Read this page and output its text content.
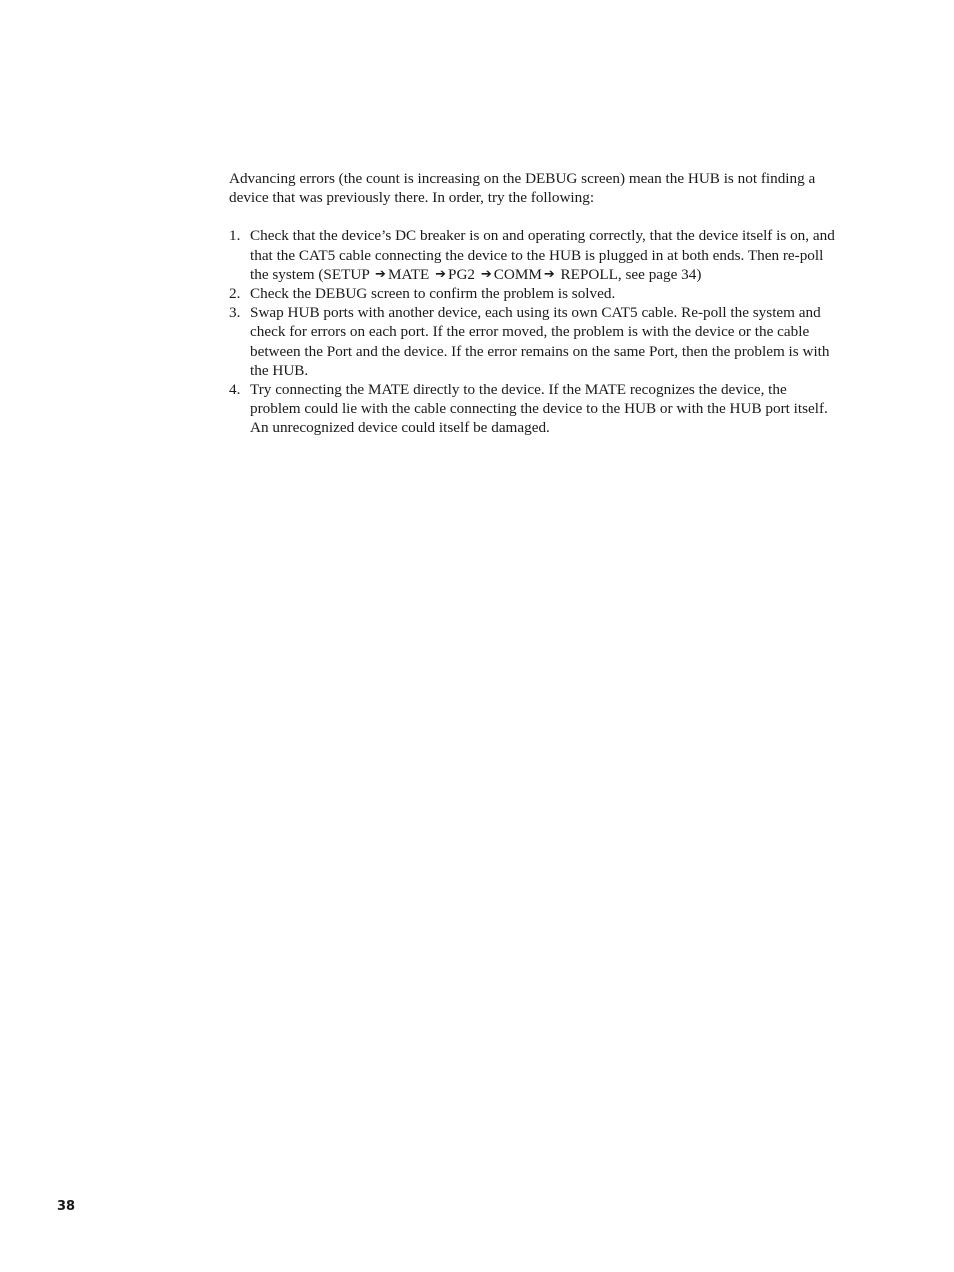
Advancing errors (the count is increasing on the DEBUG screen) mean the HUB is not finding a device that was previously there. In order, try the following:

1. Check that the device’s DC breaker is on and operating correctly, that the device itself is on, and that the CAT5 cable connecting the device to the HUB is plugged in at both ends. Then re-poll the system (SETUP ➔ MATE ➔ PG2 ➔ COMM ➔ REPOLL, see page 34)
2. Check the DEBUG screen to confirm the problem is solved.
3. Swap HUB ports with another device, each using its own CAT5 cable. Re-poll the system and check for errors on each port. If the error moved, the problem is with the device or the cable between the Port and the device. If the error remains on the same Port, then the problem is with the HUB.
4. Try connecting the MATE directly to the device. If the MATE recognizes the device, the problem could lie with the cable connecting the device to the HUB or with the HUB port itself. An unrecognized device could itself be damaged.
38
